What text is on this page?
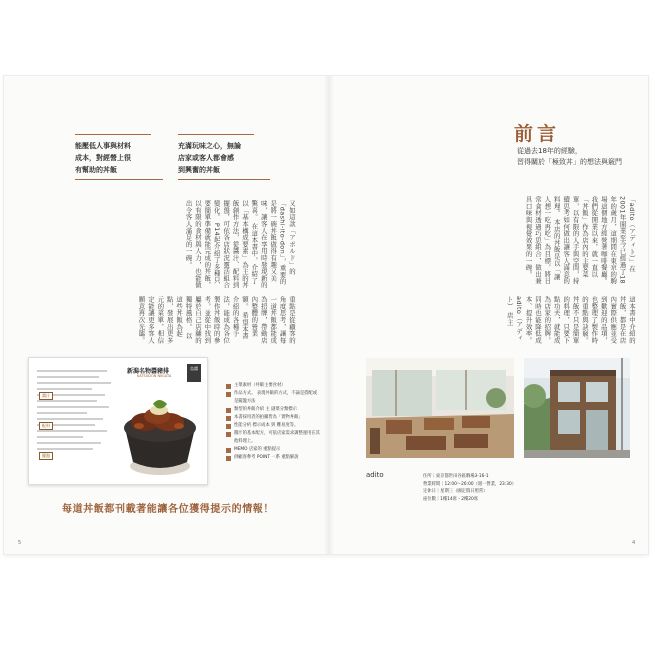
能壓低人事與材料
成本，對經營上很
有幫助的丼飯
充滿玩味之心，無論
店家或客人都會感
到興奮的丼飯
又如這款「アボルド」的「dashi-ito-don」，重要的是將一碗丼飯做得有趣又美味，讓客人在享用時發現新的驚喜。 在這本書中，介紹了以「基本構成要素」為主的丼飯創作方法，從醬汁、配料到擺盤，可依各店狀況靈活組合變化。 P14起介紹了多種只要簡單準備就能完成的丼飯，以有限的食材與人力，也能做出令客人滿足的一碗。
重點是從顧客的角度思考，讓每一道丼飯都能成為招牌，帶動店內整體的營業額。 希望本書介紹的各種手法，能成為各位製作丼飯時的參考，並從中找到屬於自己店舖的獨特風格。 以這些丼飯為起點，發展出更多元的菜單，相信定能讓更多客人願意再次光臨。
醬汁
配料
擺盤
新潟名物醬豬排
KATSUDON NIIGATA
烏醬
主菜素材（丼飯主要食材）
作品方式。 表現丼飯的方式，不論是搭配或是擺盤方法
類型的丼飯介紹 主 副菜分類標示
本書採用者的拍攝皆為「實物丼飯」
性能分析 標示成本 與 難易度等。
醬汁的基本配方，可依店家需求調整運用在其他料理上。
MEMO 店家的 重點提示
供顧客參考 POINT 一系 重點解說
每道丼飯都刊載著能讓各位獲得提示的情報！
5
前言
從過去18年的經驗，
習得關於「極致丼」的想法與竅門
「adito（アディト）」在2001年開業至今已經過了18年的歲月，這期間在東京的駒場這個地方經營著咖啡餐廳。 我們從開業以來，就一直以「丼飯」作為店內的主要菜單，以有限的人手與空間，持續思考如何做出讓客人滿意的料理。 本店的丼飯是以「讓人想一吃再吃」為目標，將日常食材透過巧思組合，做出兼具口味與視覺效果的一碗。
這本書中介紹的丼飯，都是在店內實際供應並受到歡迎的品項，也整理了製作時的重點與訣竅。 丼飯不只是簡單的料理，只要下點功夫，就能成為店家的招牌，同時也能降低成本、提升效率。 adito（アディト） 店主
adito	住所｜東京都世田谷區駒場3-16-1
營業時間｜12:00～26:00（週一營業，23:30）
定休日｜星期三（國定假日照常）
座位數｜1樓14席・2樓20席
4
